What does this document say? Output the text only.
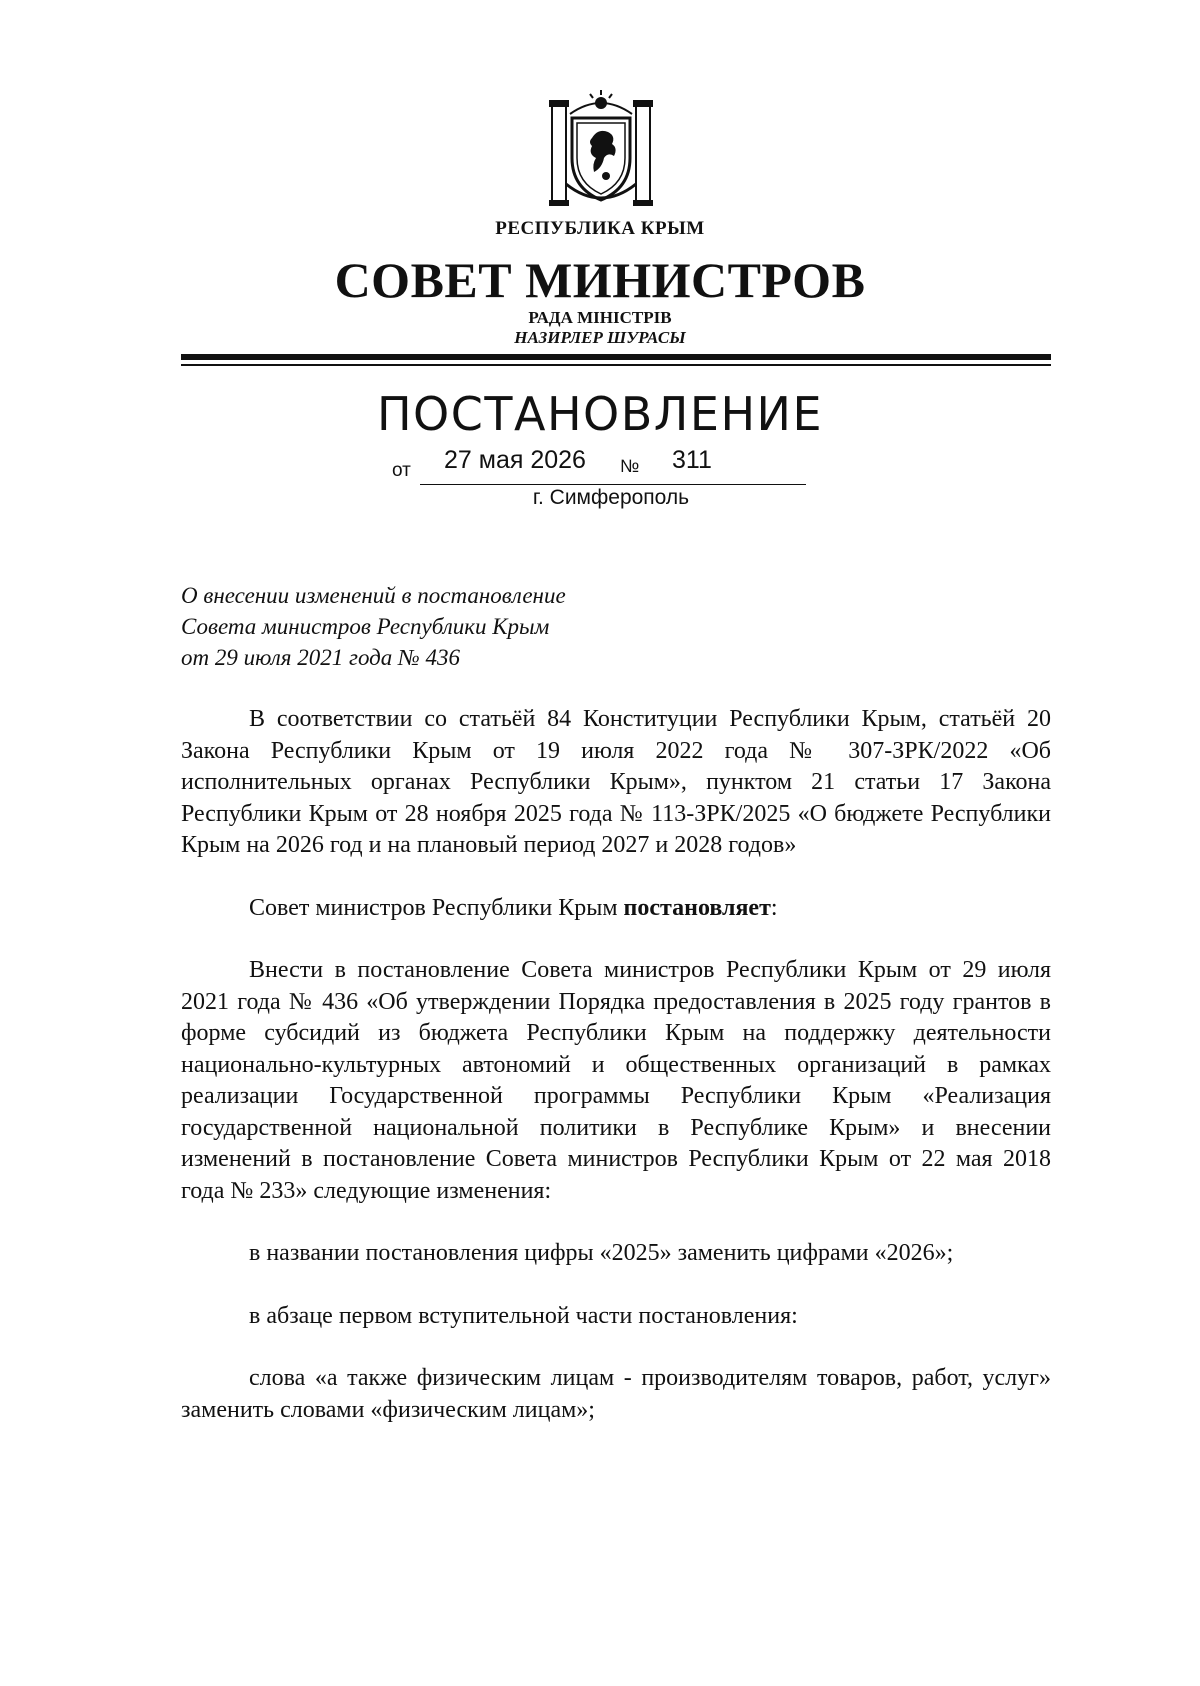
РЕСПУБЛИКА КРЫМ
СОВЕТ МИНИСТРОВ
РАДА МІНІСТРІВ
НАЗИРЛЕР ШУРАСЫ
ПОСТАНОВЛЕНИЕ
от 27 мая 2026 № 311
г. Симферополь
О внесении изменений в постановление
Совета министров Республики Крым
от 29 июля 2021 года № 436

В соответствии со статьёй 84 Конституции Республики Крым, статьёй 20 Закона Республики Крым от 19 июля 2022 года № 307-ЗРК/2022 «Об исполнительных органах Республики Крым», пунктом 21 статьи 17 Закона Республики Крым от 28 ноября 2025 года № 113-ЗРК/2025 «О бюджете Республики Крым на 2026 год и на плановый период 2027 и 2028 годов»

Совет министров Республики Крым постановляет:

Внести в постановление Совета министров Республики Крым от 29 июля 2021 года № 436 «Об утверждении Порядка предоставления в 2025 году грантов в форме субсидий из бюджета Республики Крым на поддержку деятельности национально-культурных автономий и общественных организаций в рамках реализации Государственной программы Республики Крым «Реализация государственной национальной политики в Республике Крым» и внесении изменений в постановление Совета министров Республики Крым от 22 мая 2018 года № 233» следующие изменения:

в названии постановления цифры «2025» заменить цифрами «2026»;

в абзаце первом вступительной части постановления:

слова «а также физическим лицам - производителям товаров, работ, услуг» заменить словами «физическим лицам»;
